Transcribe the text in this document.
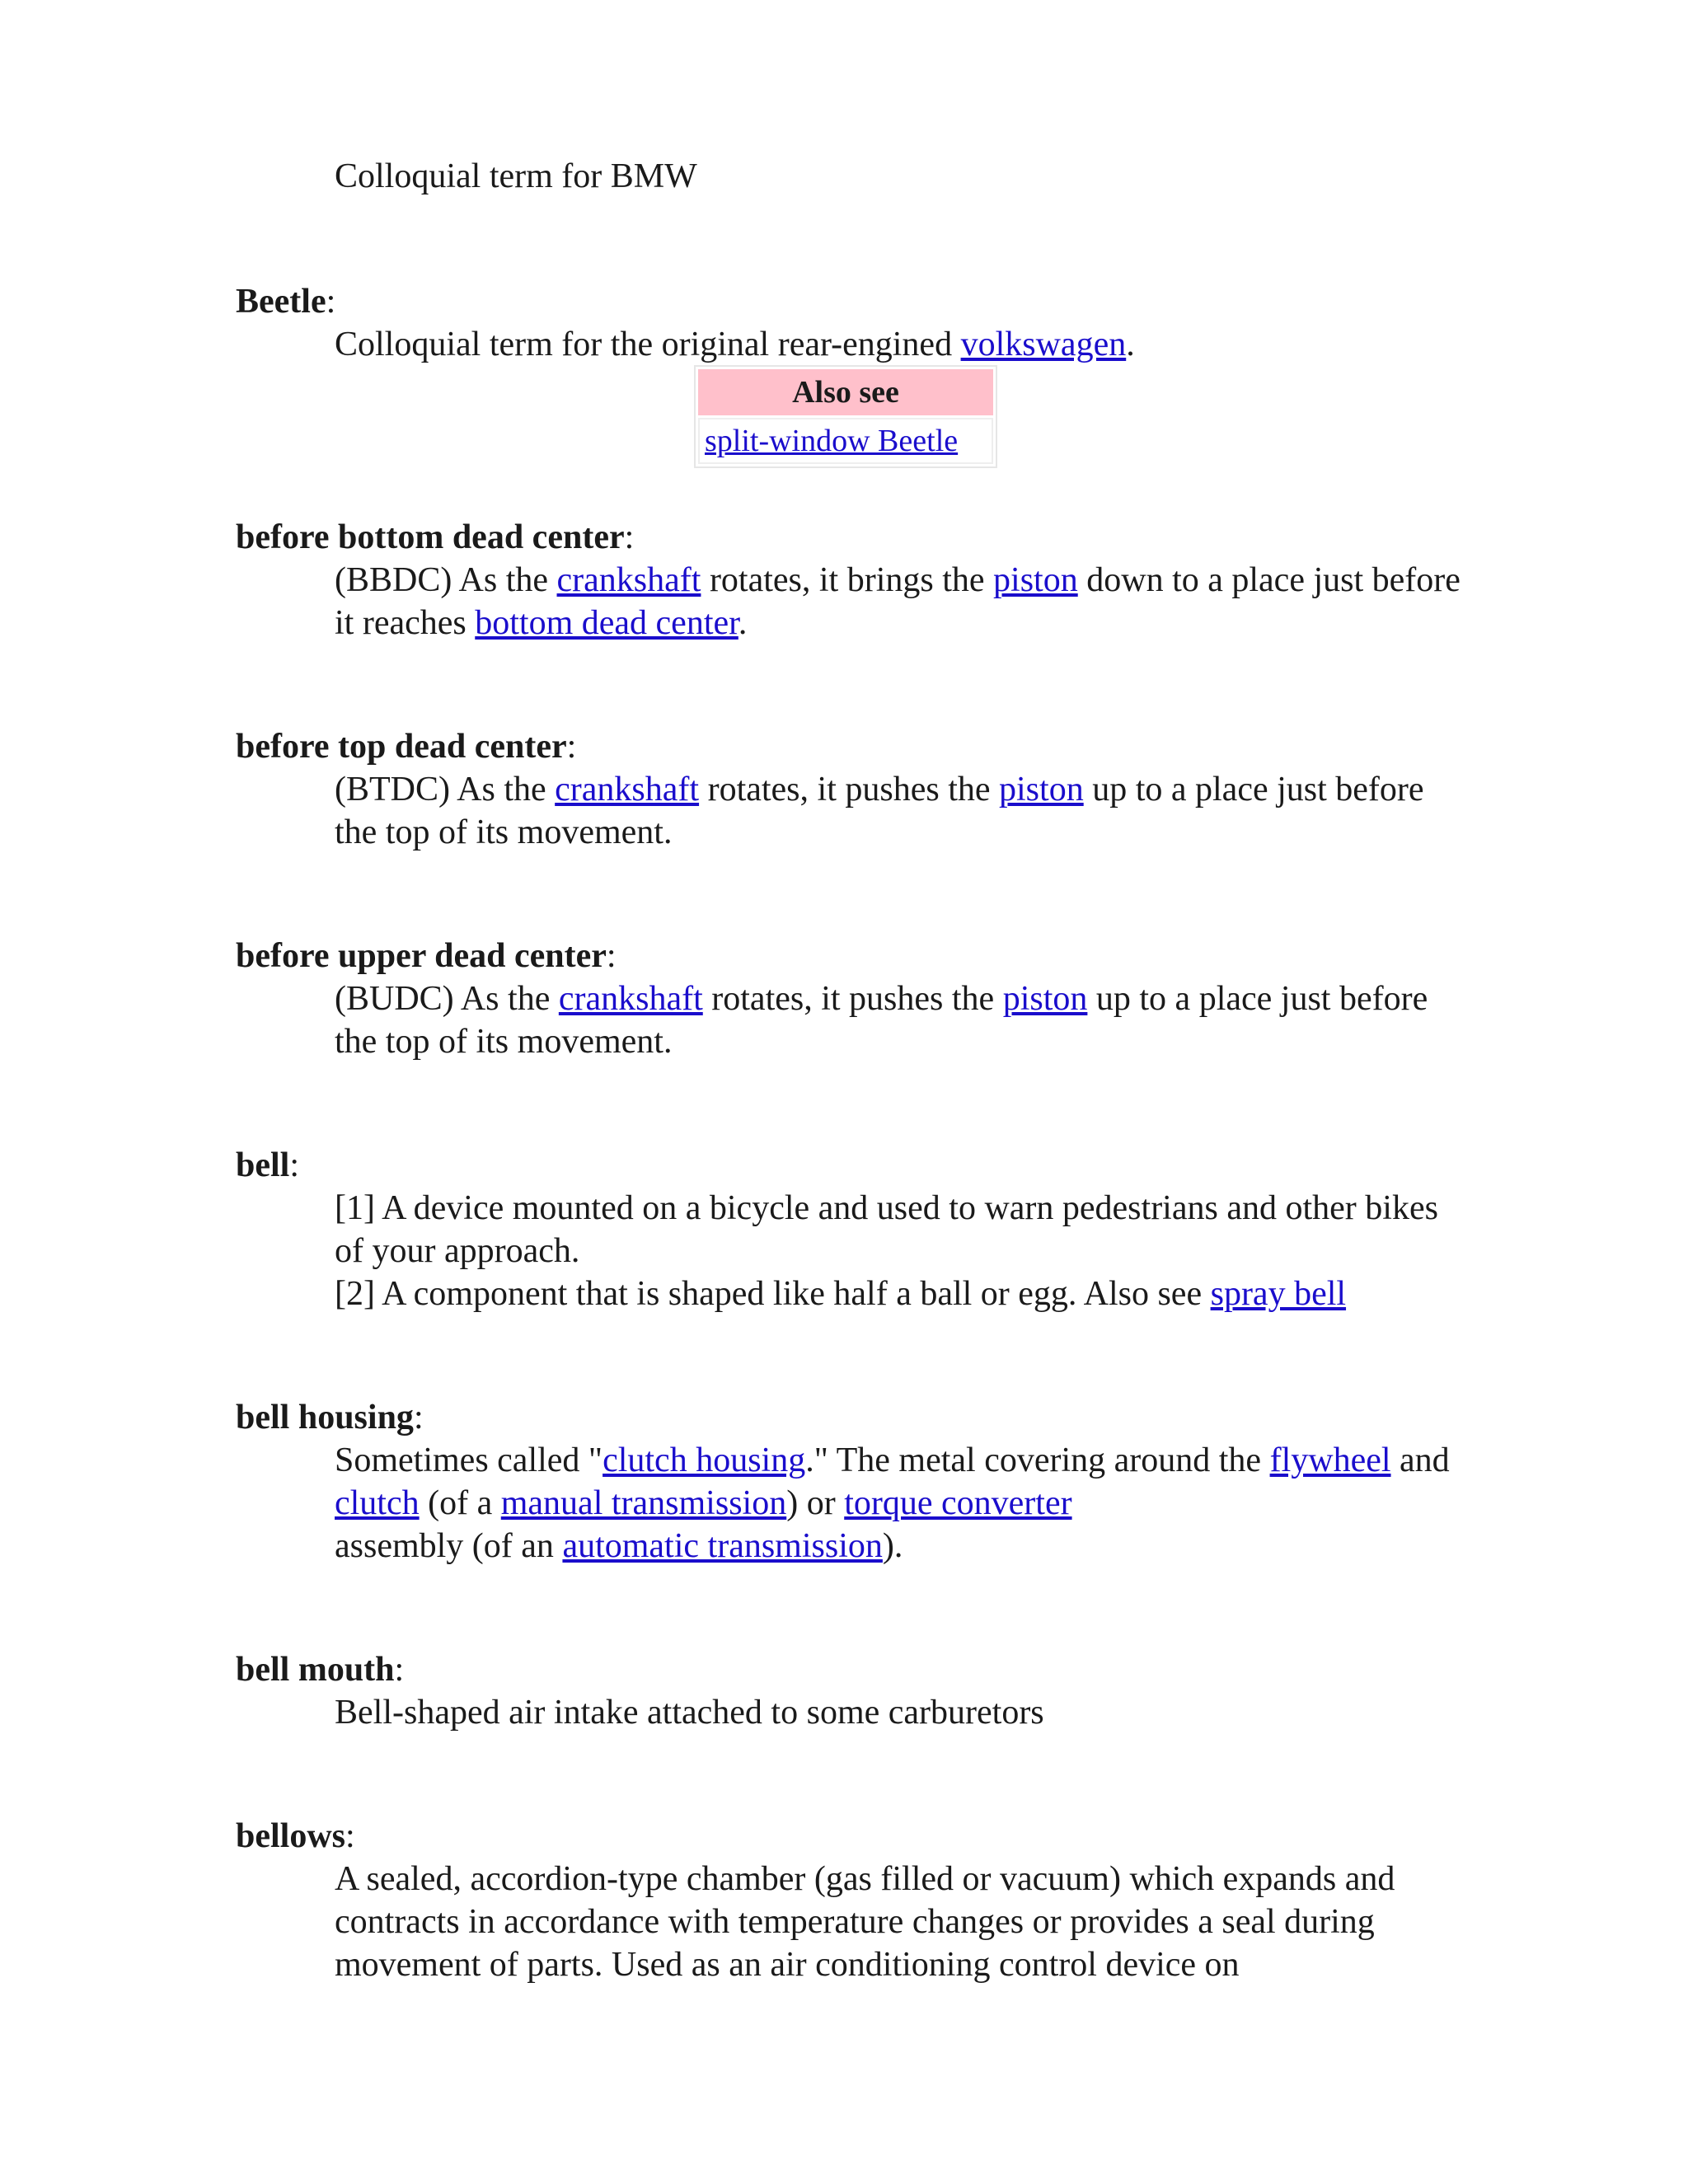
Colloquial term for BMW
Beetle:
Colloquial term for the original rear-engined volkswagen.
Also see
split-window Beetle
before bottom dead center:
(BBDC) As the crankshaft rotates, it brings the piston down to a place just before it reaches bottom dead center.
before top dead center:
(BTDC) As the crankshaft rotates, it pushes the piston up to a place just before the top of its movement.
before upper dead center:
(BUDC) As the crankshaft rotates, it pushes the piston up to a place just before the top of its movement.
bell:
[1] A device mounted on a bicycle and used to warn pedestrians and other bikes of your approach.
[2] A component that is shaped like half a ball or egg. Also see spray bell
bell housing:
Sometimes called "clutch housing." The metal covering around the flywheel and clutch (of a manual transmission) or torque converter
assembly (of an automatic transmission).
bell mouth:
Bell-shaped air intake attached to some carburetors
bellows:
A sealed, accordion-type chamber (gas filled or vacuum) which expands and contracts in accordance with temperature changes or provides a seal during movement of parts. Used as an air conditioning control device on
